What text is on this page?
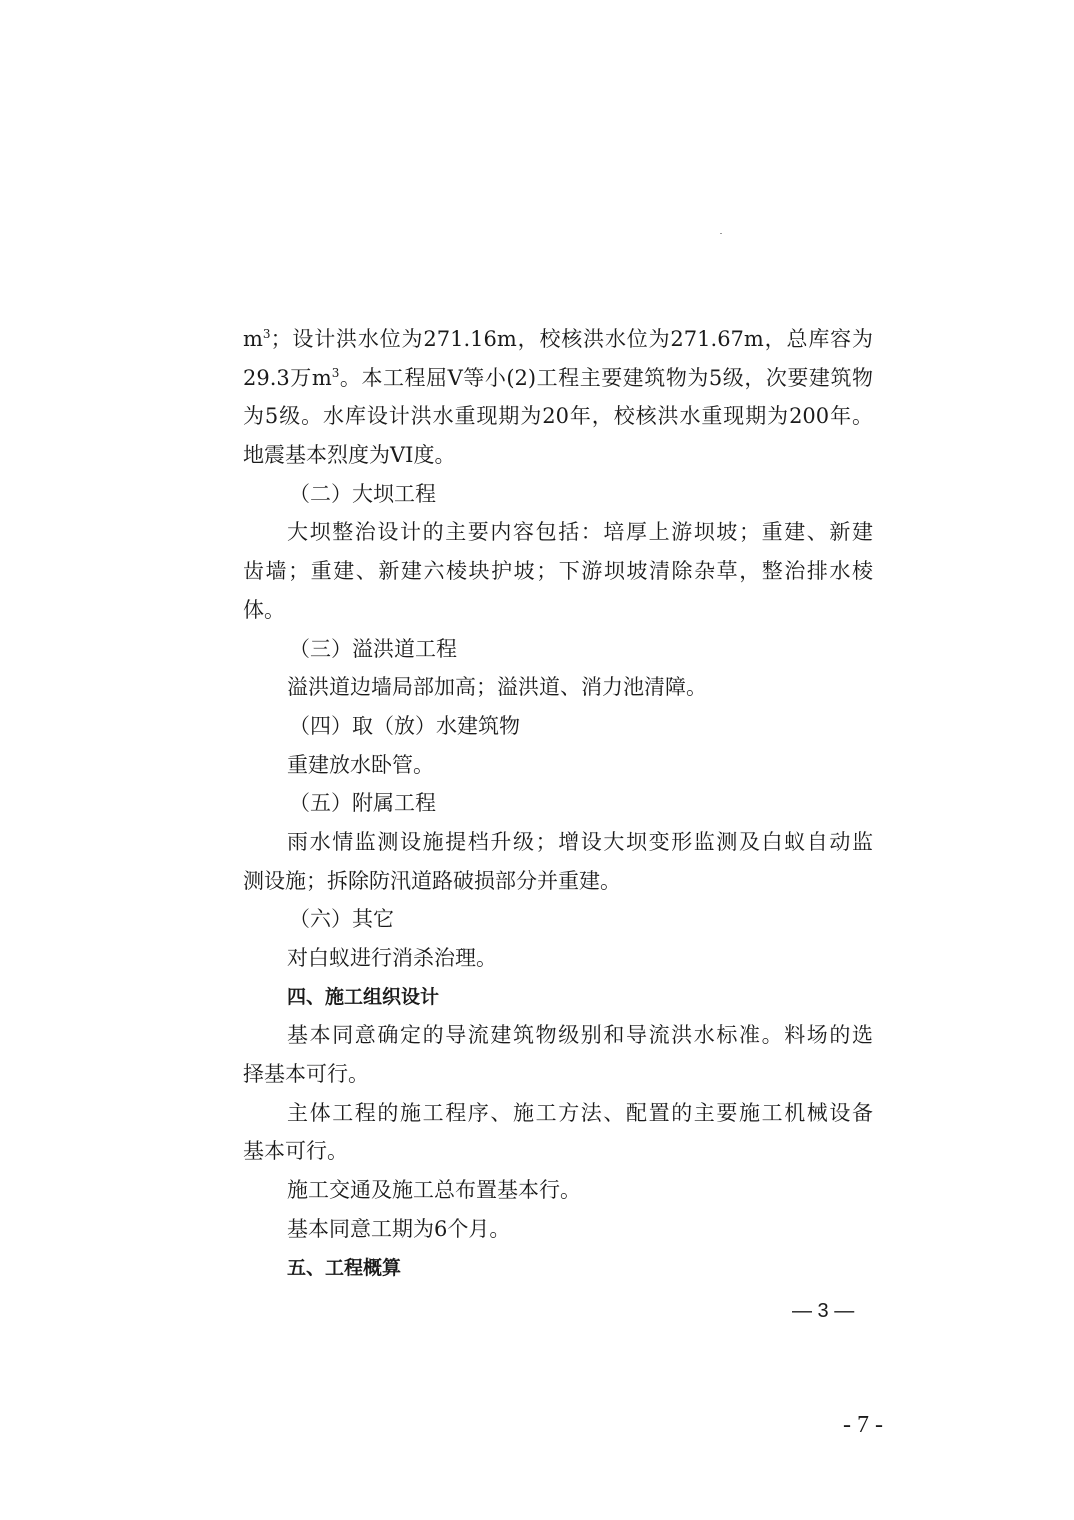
$m^3$；设计洪水位为271.16m，校核洪水位为271.67m，总库容为
29.3万$m^3$。本工程屈V等小(2)工程主要建筑物为5级，次要建筑物
为5级。水库设计洪水重现期为20年，校核洪水重现期为200年。
地震基本烈度为VI度。
（二）大坝工程
大坝整治设计的主要内容包括：培厚上游坝坡；重建、新建
齿墙；重建、新建六棱块护坡；下游坝坡清除杂草，整治排水棱
体。
（三）溢洪道工程
溢洪道边墙局部加高；溢洪道、消力池清障。
（四）取（放）水建筑物
重建放水卧管。
（五）附属工程
雨水情监测设施提档升级；增设大坝变形监测及白蚁自动监
测设施；拆除防汛道路破损部分并重建。
（六）其它
对白蚁进行消杀治理。
四、施工组织设计
基本同意确定的导流建筑物级别和导流洪水标准。料场的选
择基本可行。
主体工程的施工程序、施工方法、配置的主要施工机械设备
基本可行。
施工交通及施工总布置基本行。
基本同意工期为6个月。
五、工程概算
— 3 —
- 7 -
